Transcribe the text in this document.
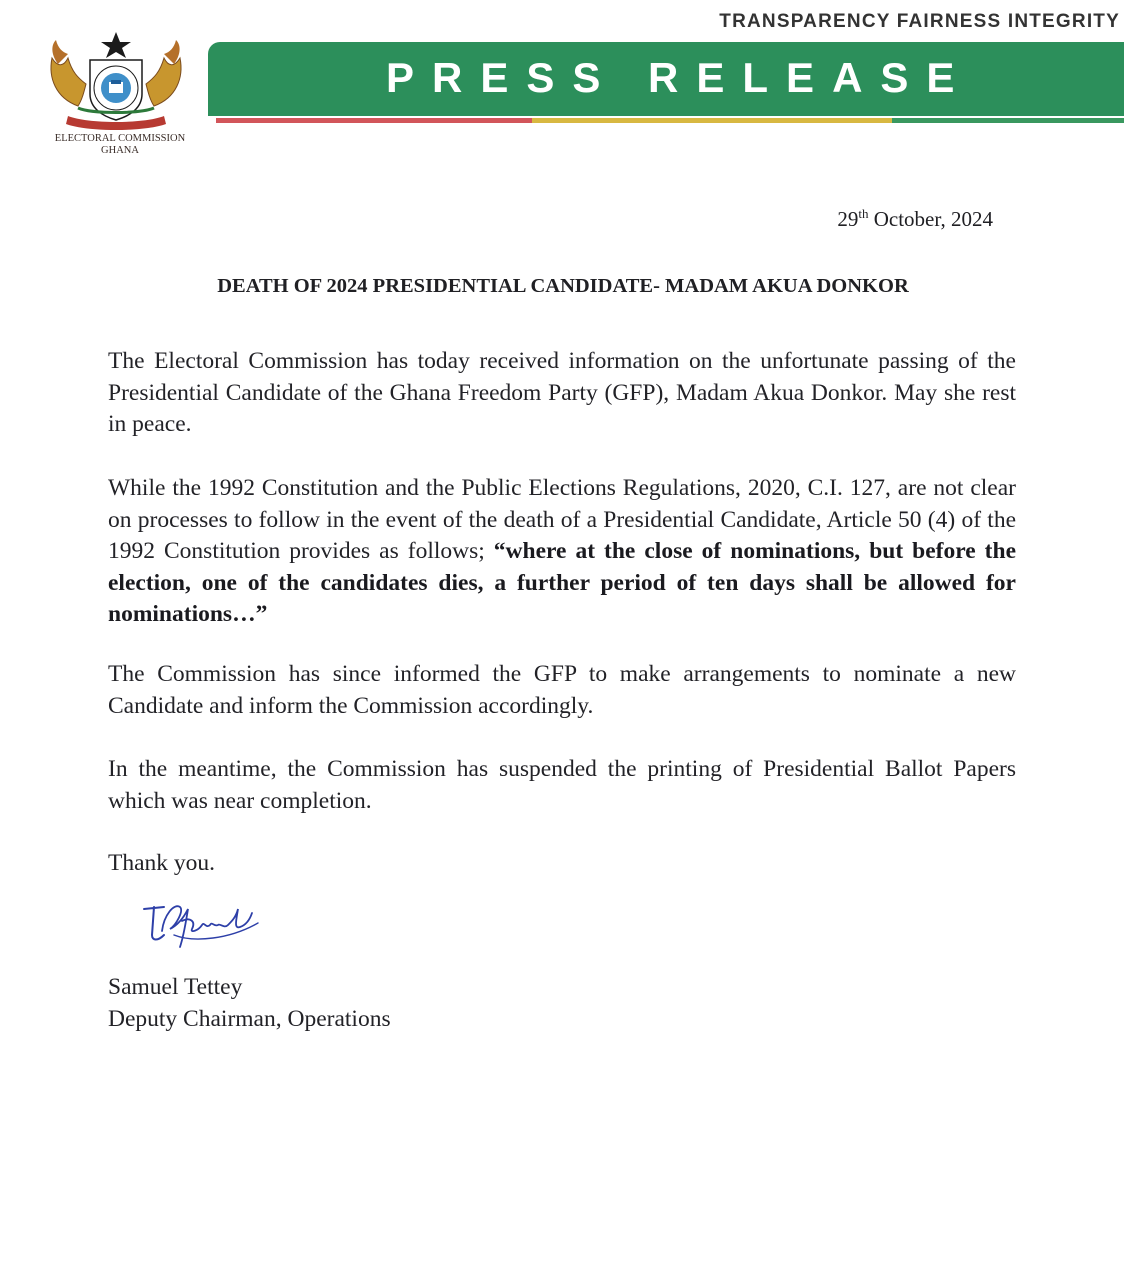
TRANSPARENCY FAIRNESS INTEGRITY
PRESS RELEASE
ELECTORAL COMMISSION
GHANA
29th October, 2024
DEATH OF 2024 PRESIDENTIAL CANDIDATE- MADAM AKUA DONKOR
The Electoral Commission has today received information on the unfortunate passing of the Presidential Candidate of the Ghana Freedom Party (GFP), Madam Akua Donkor. May she rest in peace.
While the 1992 Constitution and the Public Elections Regulations, 2020, C.I. 127, are not clear on processes to follow in the event of the death of a Presidential Candidate, Article 50 (4) of the 1992 Constitution provides as follows; “where at the close of nominations, but before the election, one of the candidates dies, a further period of ten days shall be allowed for nominations…”
The Commission has since informed the GFP to make arrangements to nominate a new Candidate and inform the Commission accordingly.
In the meantime, the Commission has suspended the printing of Presidential Ballot Papers which was near completion.
Thank you.
Samuel Tettey
Deputy Chairman, Operations
